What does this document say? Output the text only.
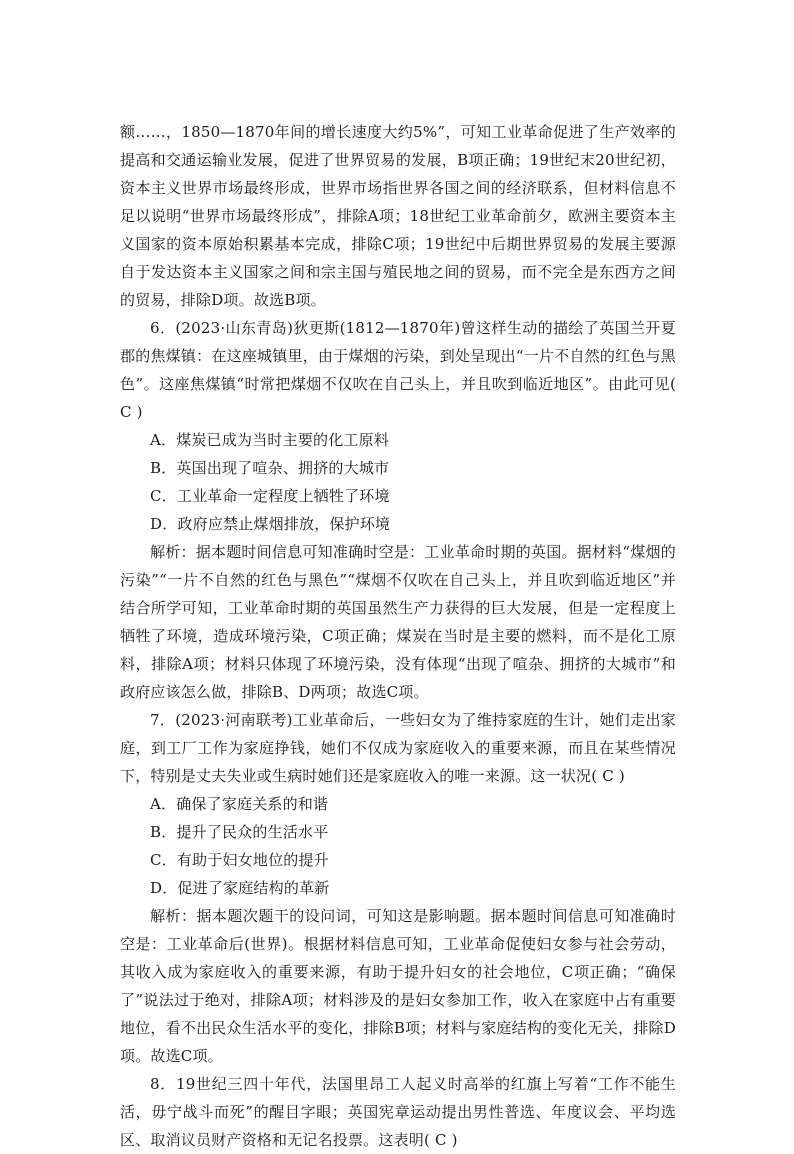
额……，1850—1870年间的增长速度大约5%”，可知工业革命促进了生产效率的提高和交通运输业发展，促进了世界贸易的发展，B项正确；19世纪末20世纪初，资本主义世界市场最终形成，世界市场指世界各国之间的经济联系，但材料信息不足以说明“世界市场最终形成”，排除A项；18世纪工业革命前夕，欧洲主要资本主义国家的资本原始积累基本完成，排除C项；19世纪中后期世界贸易的发展主要源自于发达资本主义国家之间和宗主国与殖民地之间的贸易，而不完全是东西方之间的贸易，排除D项。故选B项。

6．(2023·山东青岛)狄更斯(1812—1870年)曾这样生动的描绘了英国兰开夏郡的焦煤镇：在这座城镇里，由于煤烟的污染，到处呈现出“一片不自然的红色与黑色”。这座焦煤镇“时常把煤烟不仅吹在自己头上，并且吹到临近地区”。由此可见( C )

A．煤炭已成为当时主要的化工原料

B．英国出现了喧杂、拥挤的大城市

C．工业革命一定程度上牺牲了环境

D．政府应禁止煤烟排放，保护环境

解析：据本题时间信息可知准确时空是：工业革命时期的英国。据材料“煤烟的污染”“一片不自然的红色与黑色”“煤烟不仅吹在自己头上，并且吹到临近地区”并结合所学可知，工业革命时期的英国虽然生产力获得的巨大发展，但是一定程度上牺牲了环境，造成环境污染，C项正确；煤炭在当时是主要的燃料，而不是化工原料，排除A项；材料只体现了环境污染，没有体现“出现了喧杂、拥挤的大城市”和政府应该怎么做，排除B、D两项；故选C项。

7．(2023·河南联考)工业革命后，一些妇女为了维持家庭的生计，她们走出家庭，到工厂工作为家庭挣钱，她们不仅成为家庭收入的重要来源，而且在某些情况下，特别是丈夫失业或生病时她们还是家庭收入的唯一来源。这一状况( C )

A．确保了家庭关系的和谐

B．提升了民众的生活水平

C．有助于妇女地位的提升

D．促进了家庭结构的革新

解析：据本题次题干的设问词，可知这是影响题。据本题时间信息可知准确时空是：工业革命后(世界)。根据材料信息可知，工业革命促使妇女参与社会劳动，其收入成为家庭收入的重要来源，有助于提升妇女的社会地位，C项正确；“确保了”说法过于绝对，排除A项；材料涉及的是妇女参加工作，收入在家庭中占有重要地位，看不出民众生活水平的变化，排除B项；材料与家庭结构的变化无关，排除D项。故选C项。

8．19世纪三四十年代，法国里昂工人起义时高举的红旗上写着“工作不能生活，毋宁战斗而死”的醒目字眼；英国宪章运动提出男性普选、年度议会、平均选区、取消议员财产资格和无记名投票。这表明( C )
